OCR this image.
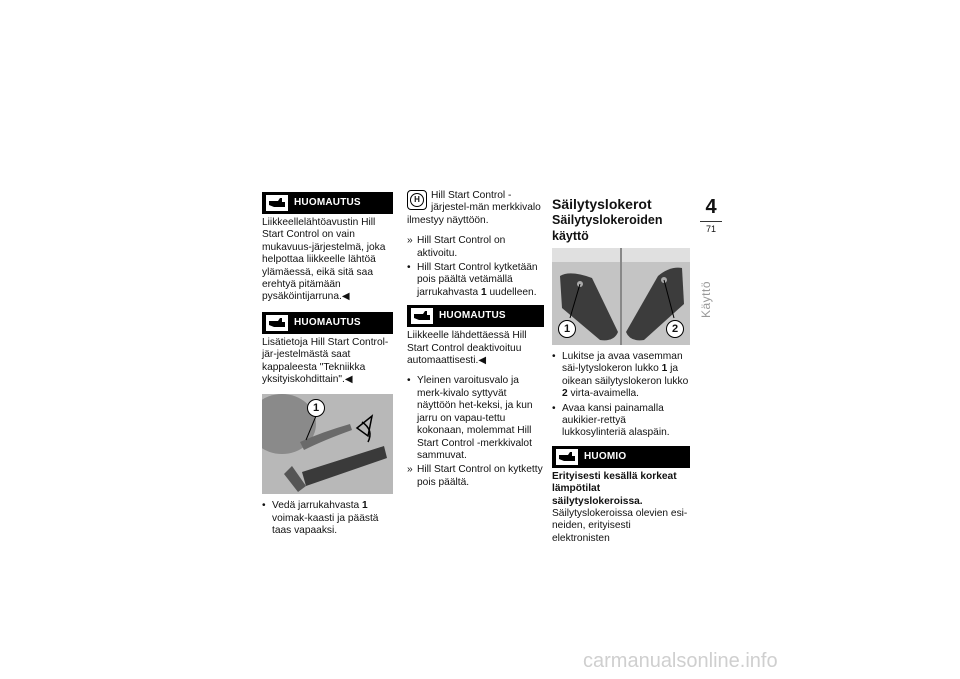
HUOMAUTUS

Liikkeellelähtöavustin Hill Start Control on vain mukavuus-järjestelmä, joka helpottaa liikkeelle lähtöä ylämäessä, eikä sitä saa erehtyä pitämään pysäköintijarruna.◀

HUOMAUTUS

Lisätietoja Hill Start Control-jär-jestelmästä saat kappaleesta "Tekniikka yksityiskohdittain".◀

1
• Vedä jarrukahvasta 1 voimak-kaasti ja päästä taas vapaaksi.
H	Hill Start Control -järjestel-män merkkivalo ilmestyy näyttöön.

» Hill Start Control on aktivoitu.
• Hill Start Control kytketään pois päältä vetämällä jarrukahvasta 1 uudelleen.
HUOMAUTUS

Liikkeelle lähdettäessä Hill Start Control deaktivoituu automaattisesti.◀

• Yleinen varoitusvalo ja merk-kivalo syttyvät näyttöön het-keksi, ja kun jarru on vapau-tettu kokonaan, molemmat Hill Start Control -merkkivalot sammuvat.
» Hill Start Control on kytketty pois päältä.
Säilytyslokerot
Säilytyslokeroiden käyttö
1	2
• Lukitse ja avaa vasemman säi-lytyslokeron lukko 1 ja oikean säilytyslokeron lukko 2 virta-avaimella.
• Avaa kansi painamalla aukikier-rettyä lukkosylinteriä alaspäin.
HUOMIO
Erityisesti kesällä korkeat lämpötilat säilytyslokeroissa.
Säilytyslokeroissa olevien esi-neiden, erityisesti elektronisten
4
71
Käyttö
carmanualsonline.info
